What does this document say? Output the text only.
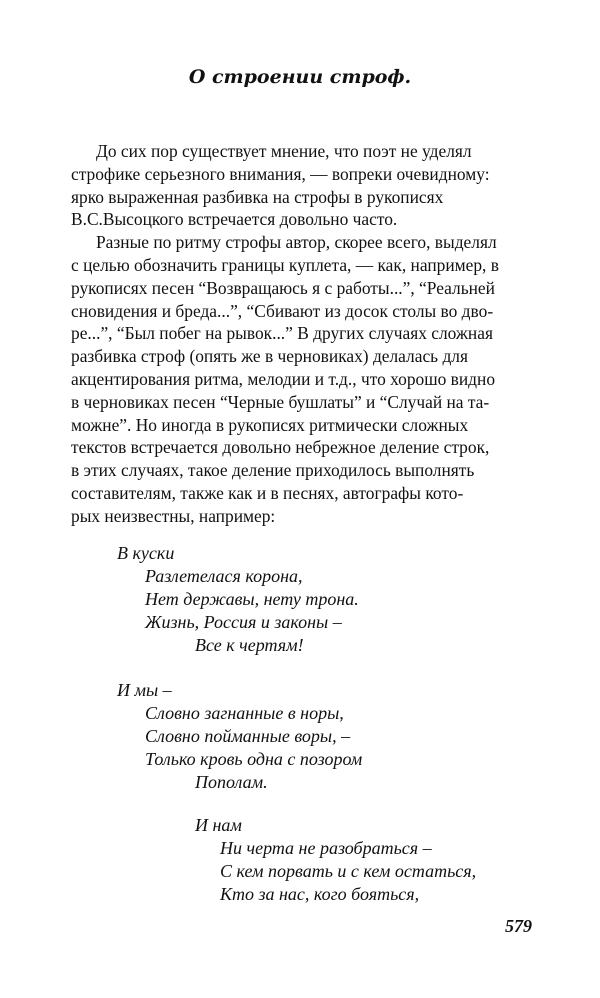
О строении строф.

До сих пор существует мнение, что поэт не уделял
строфике серьезного внимания, — вопреки очевидному:
ярко выраженная разбивка на строфы в рукописях
В.С.Высоцкого встречается довольно часто.

Разные по ритму строфы автор, скорее всего, выделял
с целью обозначить границы куплета, — как, например, в
рукописях песен “Возвращаюсь я с работы...”, “Реальней
сновидения и бреда...”, “Сбивают из досок столы во дво-
ре...”, “Был побег на рывок...” В других случаях сложная
разбивка строф (опять же в черновиках) делалась для
акцентирования ритма, мелодии и т.д., что хорошо видно
в черновиках песен “Черные бушлаты” и “Случай на та-
можне”. Но иногда в рукописях ритмически сложных
текстов встречается довольно небрежное деление строк,
в этих случаях, такое деление приходилось выполнять
составителям, также как и в песнях, автографы кото-
рых неизвестны, например:

В куски
Разлетелася корона,
Нет державы, нету трона.
Жизнь, Россия и законы –
Все к чертям!
И мы –
Словно загнанные в норы,
Словно пойманные воры, –
Только кровь одна с позором
Пополам.
И нам
Ни черта не разобраться –
С кем порвать и с кем остаться,
Кто за нас, кого бояться,
579
